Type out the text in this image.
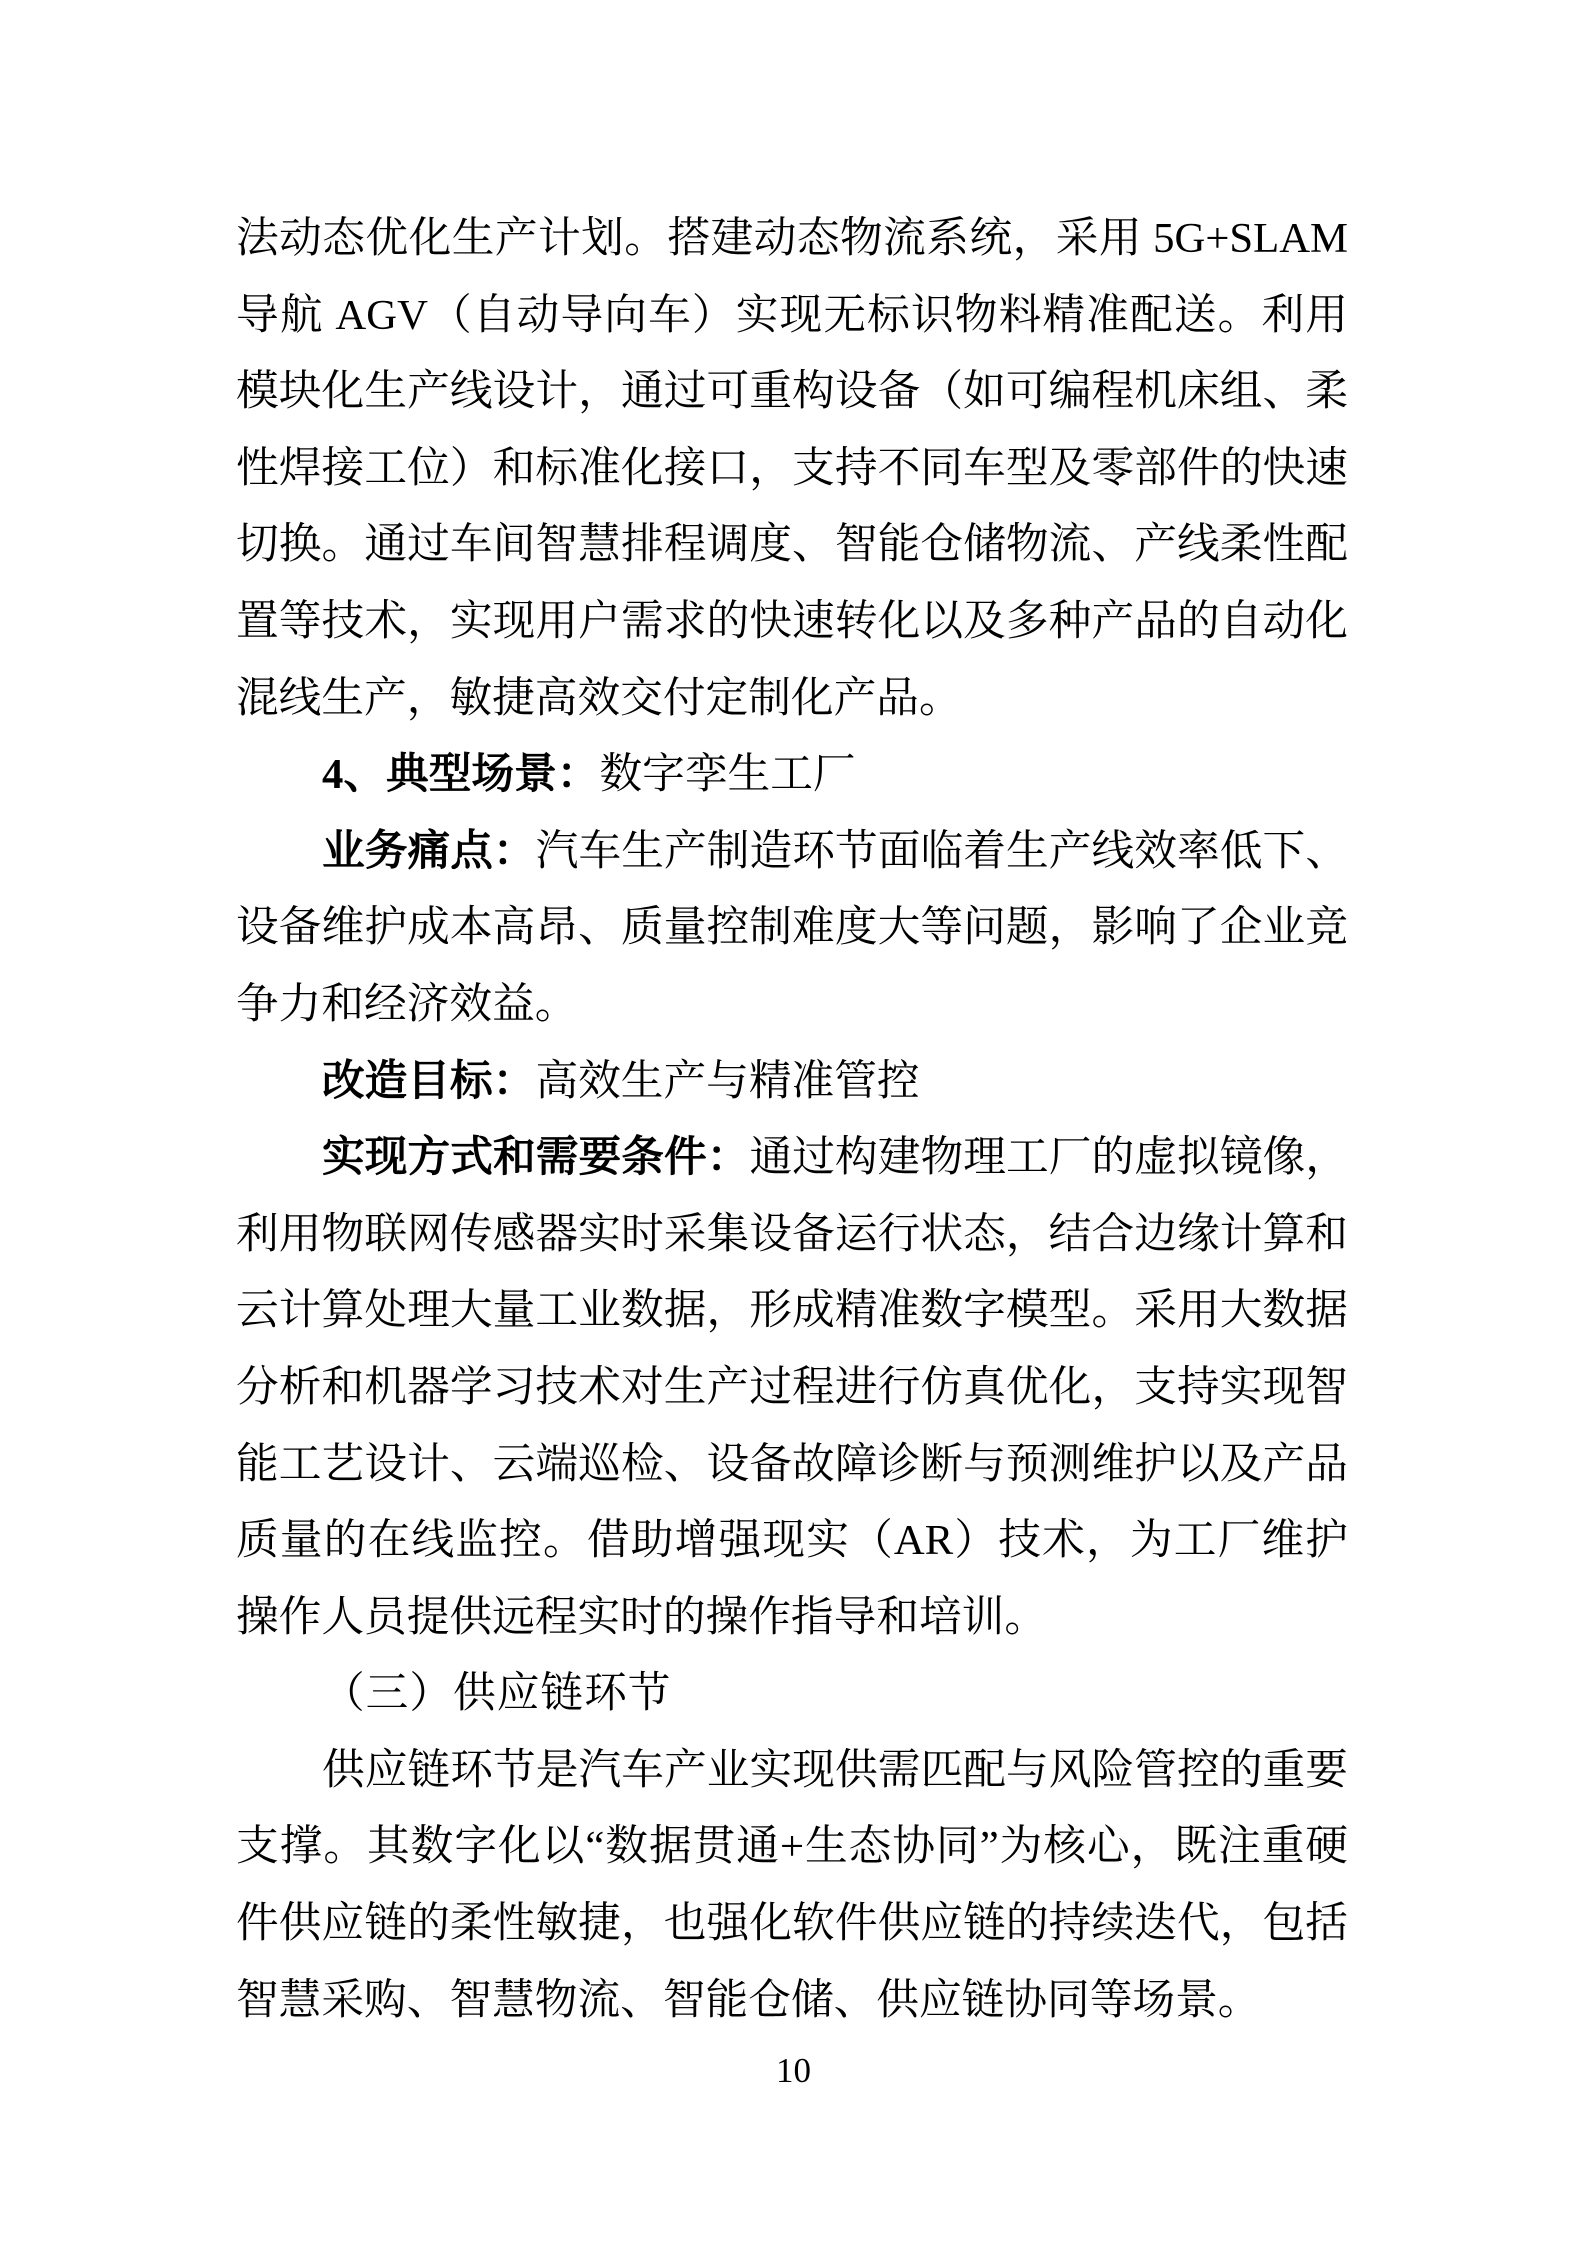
法动态优化生产计划。搭建动态物流系统，采用 5G+SLAM 导航 AGV（自动导向车）实现无标识物料精准配送。利用模块化生产线设计，通过可重构设备（如可编程机床组、柔性焊接工位）和标准化接口，支持不同车型及零部件的快速切换。通过车间智慧排程调度、智能仓储物流、产线柔性配置等技术，实现用户需求的快速转化以及多种产品的自动化混线生产，敏捷高效交付定制化产品。

4、典型场景：数字孪生工厂

业务痛点：汽车生产制造环节面临着生产线效率低下、设备维护成本高昂、质量控制难度大等问题，影响了企业竞争力和经济效益。

改造目标：高效生产与精准管控

实现方式和需要条件：通过构建物理工厂的虚拟镜像，利用物联网传感器实时采集设备运行状态，结合边缘计算和云计算处理大量工业数据，形成精准数字模型。采用大数据分析和机器学习技术对生产过程进行仿真优化，支持实现智能工艺设计、云端巡检、设备故障诊断与预测维护以及产品质量的在线监控。借助增强现实（AR）技术，为工厂维护操作人员提供远程实时的操作指导和培训。

（三）供应链环节

供应链环节是汽车产业实现供需匹配与风险管控的重要支撑。其数字化以“数据贯通+生态协同”为核心，既注重硬件供应链的柔性敏捷，也强化软件供应链的持续迭代，包括智慧采购、智慧物流、智能仓储、供应链协同等场景。

10
